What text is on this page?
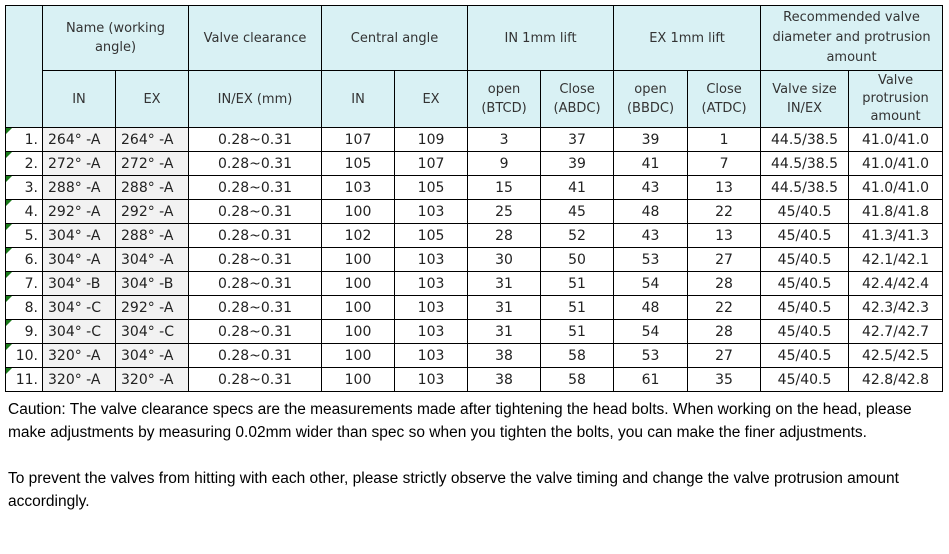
	Name (working angle)		Valve clearance	Central angle		IN 1mm lift		EX 1mm lift		Recommended valve diameter and protrusion amount	
	IN	EX	IN/EX (mm)	IN	EX	open (BTCD)	Close (ABDC)	open (BBDC)	Close (ATDC)	Valve size IN/EX	Valve protrusion amount
1.	264° -A	264° -A	0.28~0.31	107	109	3	37	39	1	44.5/38.5	41.0/41.0
2.	272° -A	272° -A	0.28~0.31	105	107	9	39	41	7	44.5/38.5	41.0/41.0
3.	288° -A	288° -A	0.28~0.31	103	105	15	41	43	13	44.5/38.5	41.0/41.0
4.	292° -A	292° -A	0.28~0.31	100	103	25	45	48	22	45/40.5	41.8/41.8
5.	304° -A	288° -A	0.28~0.31	102	105	28	52	43	13	45/40.5	41.3/41.3
6.	304° -A	304° -A	0.28~0.31	100	103	30	50	53	27	45/40.5	42.1/42.1
7.	304° -B	304° -B	0.28~0.31	100	103	31	51	54	28	45/40.5	42.4/42.4
8.	304° -C	292° -A	0.28~0.31	100	103	31	51	48	22	45/40.5	42.3/42.3
9.	304° -C	304° -C	0.28~0.31	100	103	31	51	54	28	45/40.5	42.7/42.7
10.	320° -A	304° -A	0.28~0.31	100	103	38	58	53	27	45/40.5	42.5/42.5
11.	320° -A	320° -A	0.28~0.31	100	103	38	58	61	35	45/40.5	42.8/42.8

Caution: The valve clearance specs are the measurements made after tightening the head bolts. When working on the head, please make adjustments by measuring 0.02mm wider than spec so when you tighten the bolts, you can make the finer adjustments.

To prevent the valves from hitting with each other, please strictly observe the valve timing and change the valve protrusion amount accordingly.
